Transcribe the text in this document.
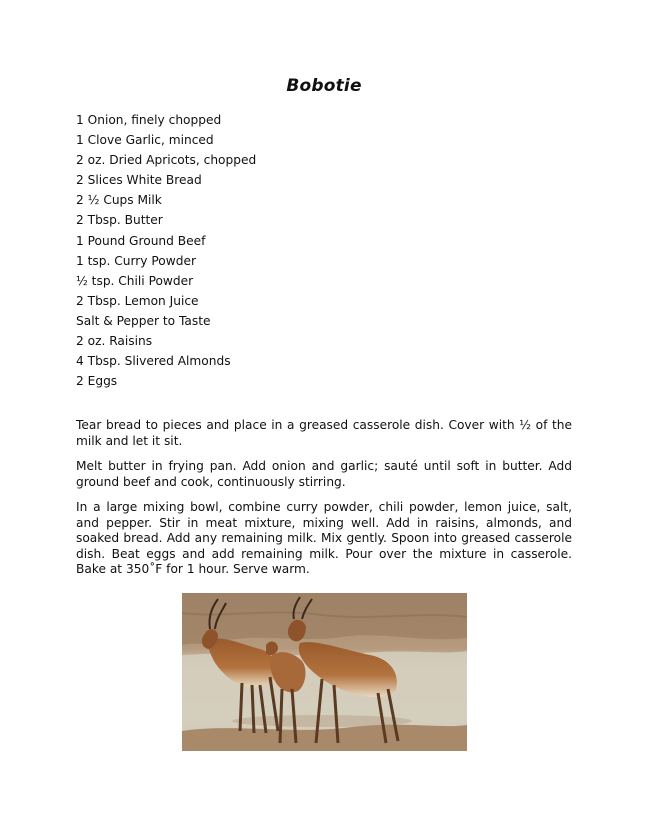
Bobotie
1 Onion, finely chopped
1 Clove Garlic, minced
2 oz. Dried Apricots, chopped
2 Slices White Bread
2 ½ Cups Milk
2 Tbsp. Butter
1 Pound Ground Beef
1 tsp. Curry Powder
½ tsp. Chili Powder
2 Tbsp. Lemon Juice
Salt & Pepper to Taste
2 oz. Raisins
4 Tbsp. Slivered Almonds
2 Eggs

Tear bread to pieces and place in a greased casserole dish. Cover with ½ of the milk and let it sit.

Melt butter in frying pan. Add onion and garlic; sauté until soft in butter. Add ground beef and cook, continuously stirring.

In a large mixing bowl, combine curry powder, chili powder, lemon juice, salt, and pepper. Stir in meat mixture, mixing well. Add in raisins, almonds, and soaked bread. Add any remaining milk. Mix gently. Spoon into greased casserole dish. Beat eggs and add remaining milk. Pour over the mixture in casserole. Bake at 350˚F for 1 hour. Serve warm.
